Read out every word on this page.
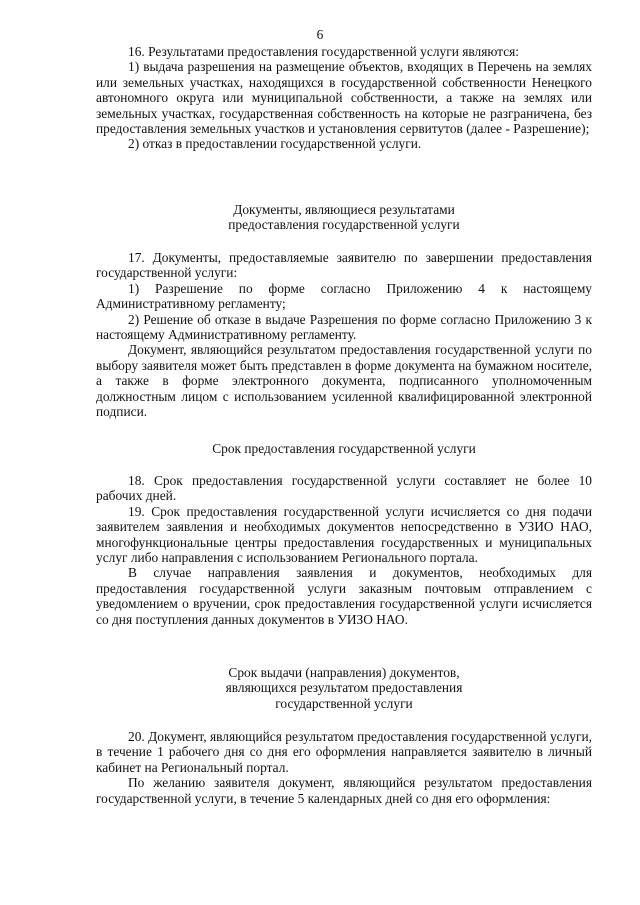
6

16. Результатами предоставления государственной услуги являются:

1) выдача разрешения на размещение объектов, входящих в Перечень на землях или земельных участках, находящихся в государственной собственности Ненецкого автономного округа или муниципальной собственности, а также на землях или земельных участках, государственная собственность на которые не разграничена, без предоставления земельных участков и установления сервитутов (далее - Разрешение);

2) отказ в предоставлении государственной услуги.

Документы, являющиеся результатами

предоставления государственной услуги

17. Документы, предоставляемые заявителю по завершении предоставления государственной услуги:

1) Разрешение по форме согласно Приложению 4 к настоящему Административному регламенту;

2) Решение об отказе в выдаче Разрешения по форме согласно Приложению 3 к настоящему Административному регламенту.

Документ, являющийся результатом предоставления государственной услуги по выбору заявителя может быть представлен в форме документа на бумажном носителе, а также в форме электронного документа, подписанного уполномоченным должностным лицом с использованием усиленной квалифицированной электронной подписи.

Срок предоставления государственной услуги

18. Срок предоставления государственной услуги составляет не более 10 рабочих дней.

19. Срок предоставления государственной услуги исчисляется со дня подачи заявителем заявления и необходимых документов непосредственно в УЗИО НАО, многофункциональные центры предоставления государственных и муниципальных услуг либо направления с использованием Регионального портала.

В случае направления заявления и документов, необходимых для предоставления государственной услуги заказным почтовым отправлением с уведомлением о вручении, срок предоставления государственной услуги исчисляется со дня поступления данных документов в УИЗО НАО.

Срок выдачи (направления) документов,

являющихся результатом предоставления

государственной услуги

20. Документ, являющийся результатом предоставления государственной услуги, в течение 1 рабочего дня со дня его оформления направляется заявителю в личный кабинет на Региональный портал.

По желанию заявителя документ, являющийся результатом предоставления государственной услуги, в течение 5 календарных дней со дня его оформления:
